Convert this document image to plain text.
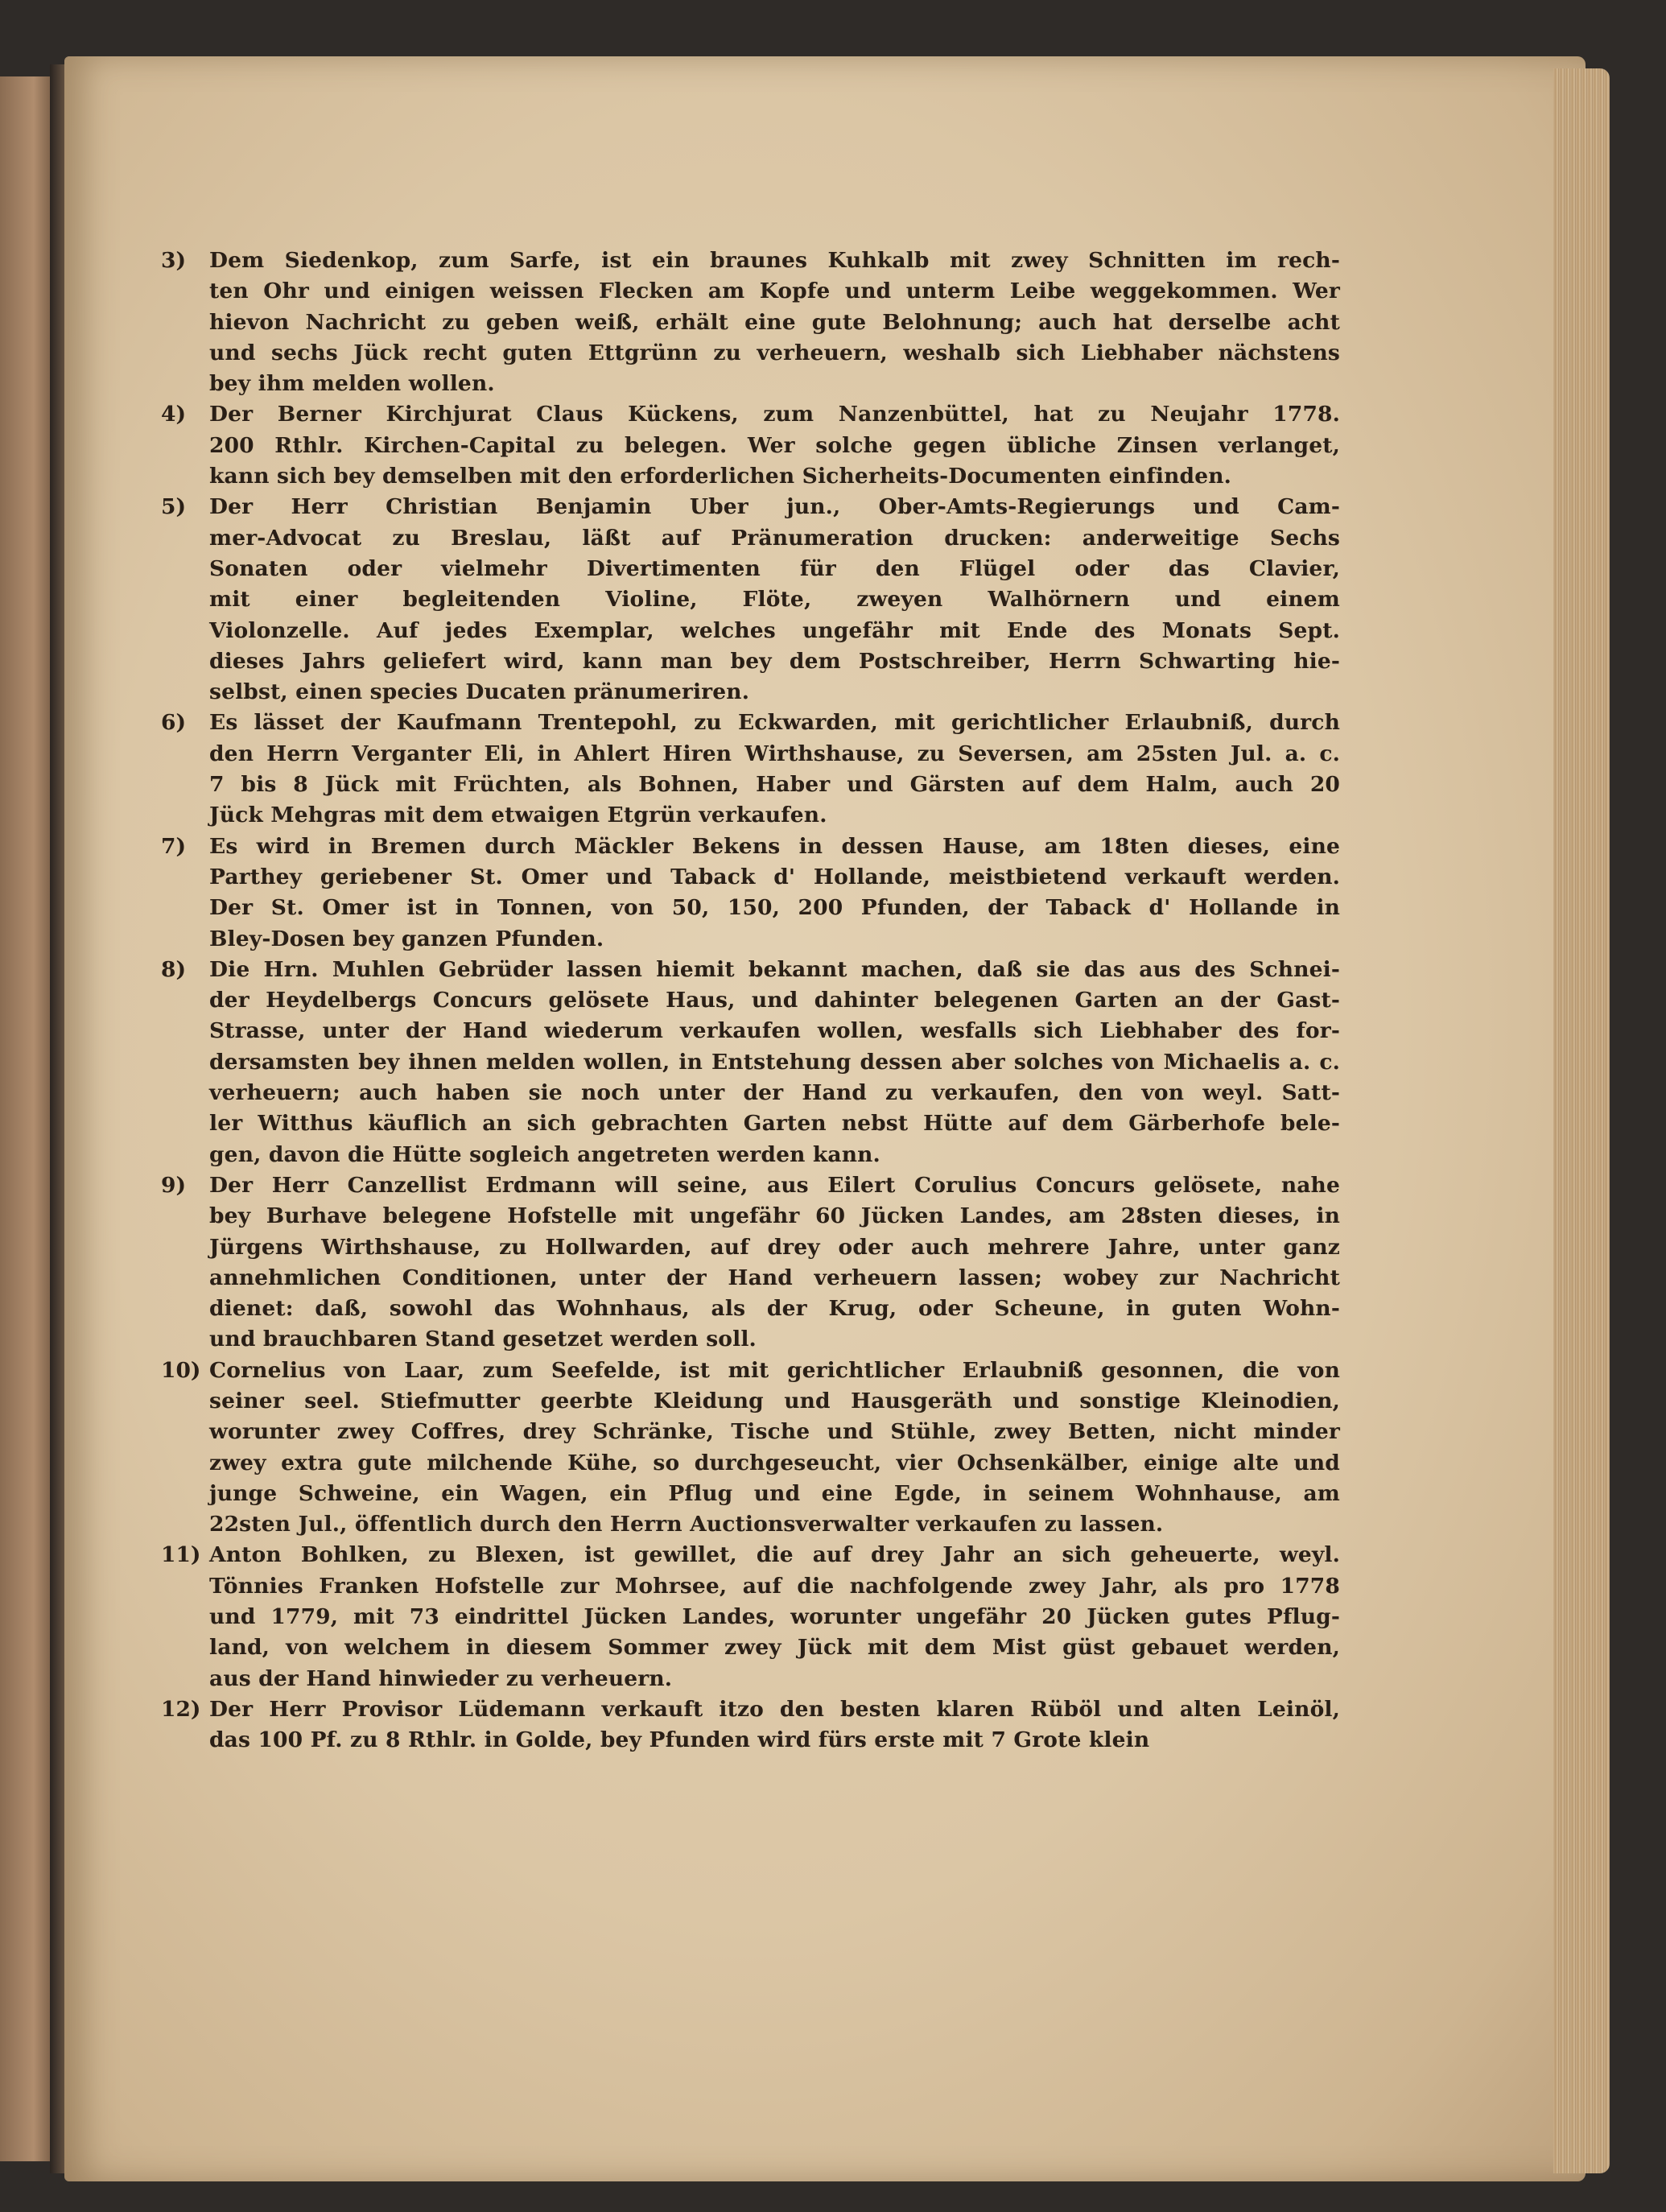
3)	Dem Siedenkop, zum Sarfe, ist ein braunes Kuhkalb mit zwey Schnitten im rech-
ten Ohr und einigen weissen Flecken am Kopfe und unterm Leibe weggekommen. Wer
hievon Nachricht zu geben weiß, erhält eine gute Belohnung; auch hat derselbe acht
und sechs Jück recht guten Ettgrünn zu verheuern, weshalb sich Liebhaber nächstens
bey ihm melden wollen.
4)	Der Berner Kirchjurat Claus Kückens, zum Nanzenbüttel, hat zu Neujahr 1778.
200 Rthlr. Kirchen-Capital zu belegen. Wer solche gegen übliche Zinsen verlanget,
kann sich bey demselben mit den erforderlichen Sicherheits-Documenten einfinden.
5)	Der Herr Christian Benjamin Uber jun., Ober-Amts-Regierungs und Cam-
mer-Advocat zu Breslau, läßt auf Pränumeration drucken: anderweitige Sechs
Sonaten oder vielmehr Divertimenten für den Flügel oder das Clavier,
mit einer begleitenden Violine, Flöte, zweyen Walhörnern und einem
Violonzelle. Auf jedes Exemplar, welches ungefähr mit Ende des Monats Sept.
dieses Jahrs geliefert wird, kann man bey dem Postschreiber, Herrn Schwarting hie-
selbst, einen species Ducaten pränumeriren.
6)	Es lässet der Kaufmann Trentepohl, zu Eckwarden, mit gerichtlicher Erlaubniß, durch
den Herrn Verganter Eli, in Ahlert Hiren Wirthshause, zu Seversen, am 25sten Jul. a. c.
7 bis 8 Jück mit Früchten, als Bohnen, Haber und Gärsten auf dem Halm, auch 20
Jück Mehgras mit dem etwaigen Etgrün verkaufen.
7)	Es wird in Bremen durch Mäckler Bekens in dessen Hause, am 18ten dieses, eine
Parthey geriebener St. Omer und Taback d' Hollande, meistbietend verkauft werden.
Der St. Omer ist in Tonnen, von 50, 150, 200 Pfunden, der Taback d' Hollande in
Bley-Dosen bey ganzen Pfunden.
8)	Die Hrn. Muhlen Gebrüder lassen hiemit bekannt machen, daß sie das aus des Schnei-
der Heydelbergs Concurs gelösete Haus, und dahinter belegenen Garten an der Gast-
Strasse, unter der Hand wiederum verkaufen wollen, wesfalls sich Liebhaber des for-
dersamsten bey ihnen melden wollen, in Entstehung dessen aber solches von Michaelis a. c.
verheuern; auch haben sie noch unter der Hand zu verkaufen, den von weyl. Satt-
ler Witthus käuflich an sich gebrachten Garten nebst Hütte auf dem Gärberhofe bele-
gen, davon die Hütte sogleich angetreten werden kann.
9)	Der Herr Canzellist Erdmann will seine, aus Eilert Corulius Concurs gelösete, nahe
bey Burhave belegene Hofstelle mit ungefähr 60 Jücken Landes, am 28sten dieses, in
Jürgens Wirthshause, zu Hollwarden, auf drey oder auch mehrere Jahre, unter ganz
annehmlichen Conditionen, unter der Hand verheuern lassen; wobey zur Nachricht
dienet: daß, sowohl das Wohnhaus, als der Krug, oder Scheune, in guten Wohn-
und brauchbaren Stand gesetzet werden soll.
10) Cornelius von Laar, zum Seefelde, ist mit gerichtlicher Erlaubniß gesonnen, die von
seiner seel. Stiefmutter geerbte Kleidung und Hausgeräth und sonstige Kleinodien,
worunter zwey Coffres, drey Schränke, Tische und Stühle, zwey Betten, nicht minder
zwey extra gute milchende Kühe, so durchgeseucht, vier Ochsenkälber, einige alte und
junge Schweine, ein Wagen, ein Pflug und eine Egde, in seinem Wohnhause, am
22sten Jul., öffentlich durch den Herrn Auctionsverwalter verkaufen zu lassen.
11) Anton Bohlken, zu Blexen, ist gewillet, die auf drey Jahr an sich geheuerte, weyl.
Tönnies Franken Hofstelle zur Mohrsee, auf die nachfolgende zwey Jahr, als pro 1778
und 1779, mit 73 eindrittel Jücken Landes, worunter ungefähr 20 Jücken gutes Pflug-
land, von welchem in diesem Sommer zwey Jück mit dem Mist güst gebauet werden,
aus der Hand hinwieder zu verheuern.
12) Der Herr Provisor Lüdemann verkauft itzo den besten klaren Rüböl und alten Leinöl,
das 100 Pf. zu 8 Rthlr. in Golde, bey Pfunden wird fürs erste mit 7 Grote klein
